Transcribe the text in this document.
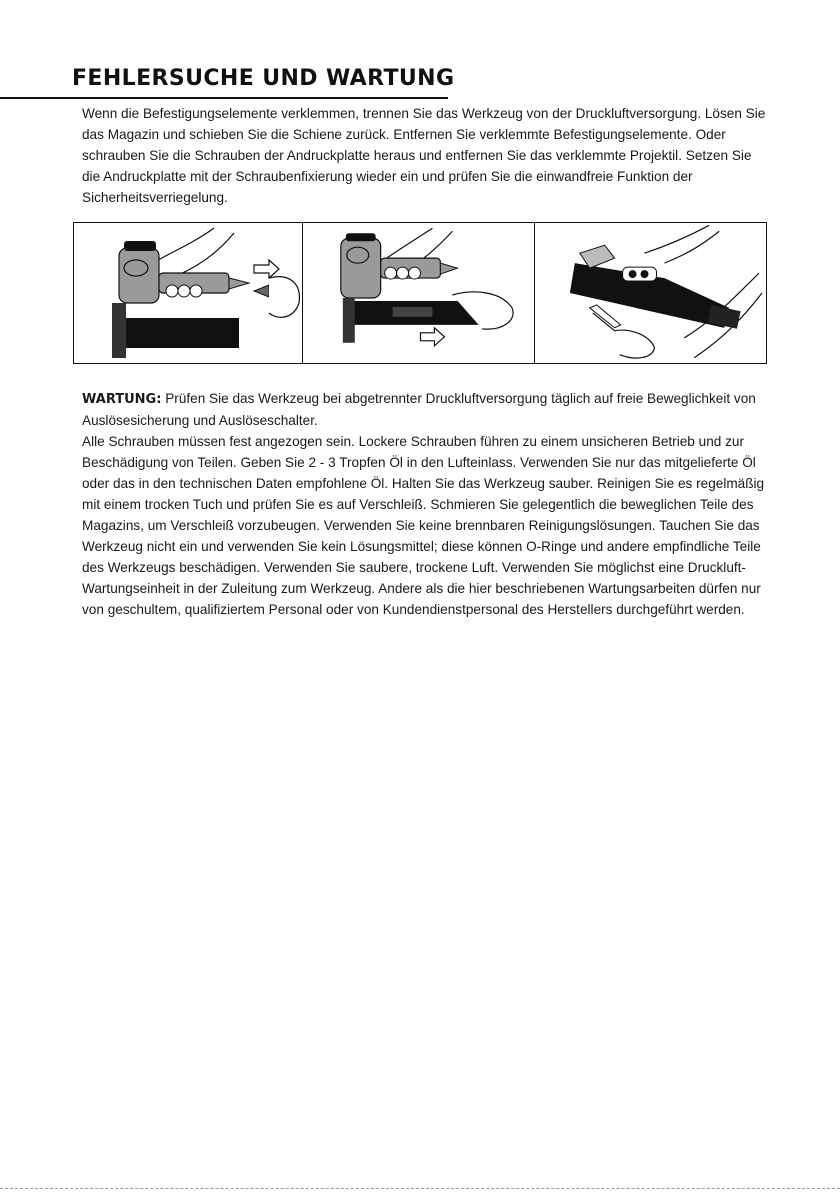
FEHLERSUCHE UND WARTUNG

Wenn die Befestigungselemente verklemmen, trennen Sie das Werkzeug von der Druckluftversorgung. Lösen Sie das Magazin und schieben Sie die Schiene zurück. Entfernen Sie verklemmte Befestigungselemente. Oder schrauben Sie die Schrauben der Andruckplatte heraus und entfernen Sie das verklemmte Projektil. Setzen Sie die Andruckplatte mit der Schraubenfixierung wieder ein und prüfen Sie die einwandfreie Funktion der Sicherheitsverriegelung.

WARTUNG: Prüfen Sie das Werkzeug bei abgetrennter Druckluftversorgung täglich auf freie Beweglichkeit von Auslösesicherung und Auslöseschalter.

Alle Schrauben müssen fest angezogen sein. Lockere Schrauben führen zu einem unsicheren Betrieb und zur Beschädigung von Teilen. Geben Sie 2 - 3 Tropfen Öl in den Lufteinlass. Verwenden Sie nur das mitgelieferte Öl oder das in den technischen Daten empfohlene Öl. Halten Sie das Werkzeug sauber. Reinigen Sie es regelmäßig mit einem trocken Tuch und prüfen Sie es auf Verschleiß. Schmieren Sie gelegentlich die beweglichen Teile des Magazins, um Verschleiß vorzubeugen. Verwenden Sie keine brennbaren Reinigungslösungen. Tauchen Sie das Werkzeug nicht ein und verwenden Sie kein Lösungsmittel; diese können O-Ringe und andere empfindliche Teile des Werkzeugs beschädigen. Verwenden Sie saubere, trockene Luft. Verwenden Sie möglichst eine Druckluft-Wartungseinheit in der Zuleitung zum Werkzeug. Andere als die hier beschriebenen Wartungsarbeiten dürfen nur von geschultem, qualifiziertem Personal oder von Kundendienstpersonal des Herstellers durchgeführt werden.
